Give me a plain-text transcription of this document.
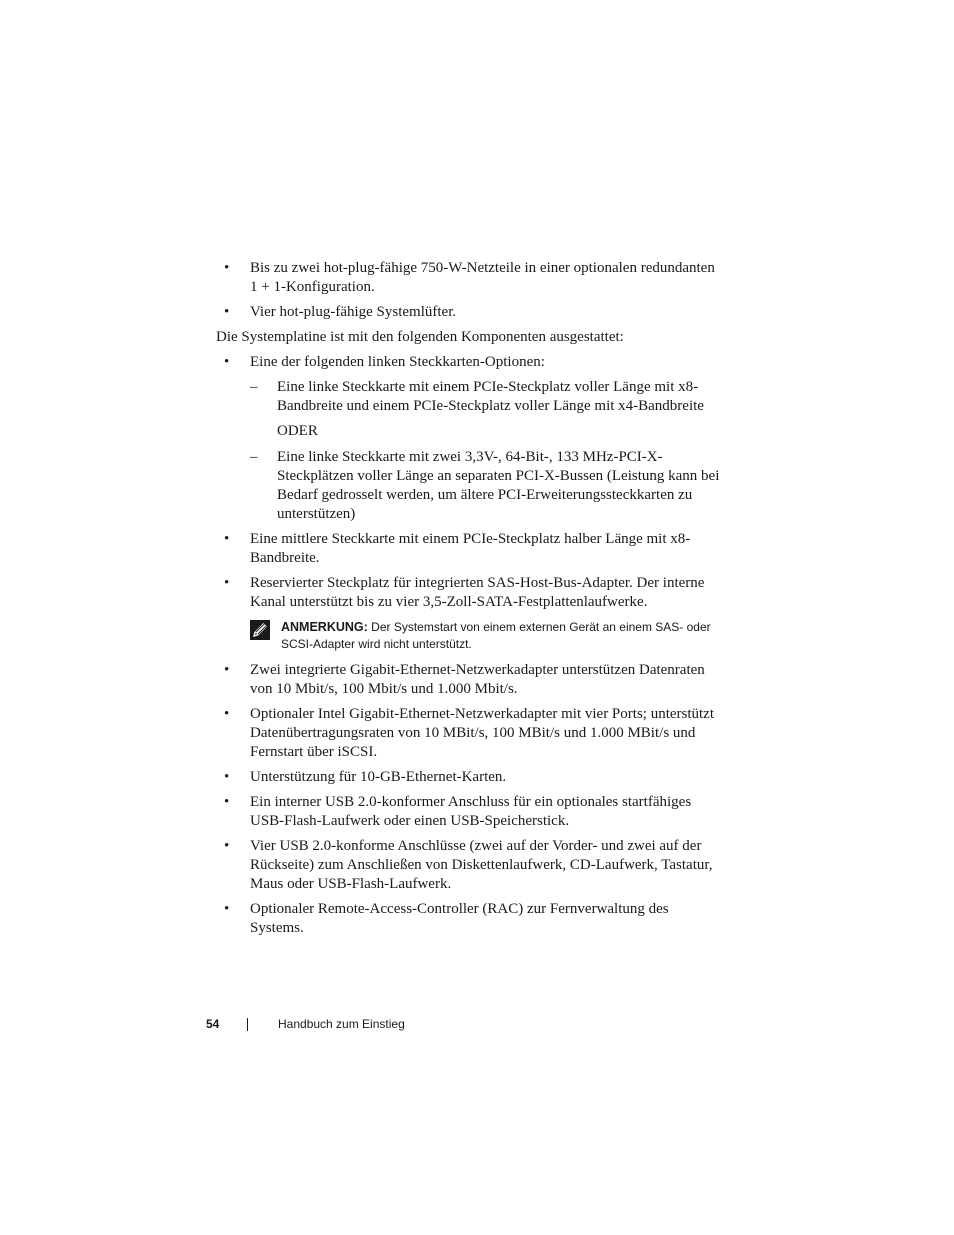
• Bis zu zwei hot-plug-fähige 750-W-Netzteile in einer optionalen redundanten 1 + 1-Konfiguration.
• Vier hot-plug-fähige Systemlüfter.
Die Systemplatine ist mit den folgenden Komponenten ausgestattet:
• Eine der folgenden linken Steckkarten-Optionen:
– Eine linke Steckkarte mit einem PCIe-Steckplatz voller Länge mit x8-Bandbreite und einem PCIe-Steckplatz voller Länge mit x4-Bandbreite
ODER
– Eine linke Steckkarte mit zwei 3,3V-, 64-Bit-, 133 MHz-PCI-X-Steckplätzen voller Länge an separaten PCI-X-Bussen (Leistung kann bei Bedarf gedrosselt werden, um ältere PCI-Erweiterungssteckkarten zu unterstützen)
• Eine mittlere Steckkarte mit einem PCIe-Steckplatz halber Länge mit x8-Bandbreite.
• Reservierter Steckplatz für integrierten SAS-Host-Bus-Adapter. Der interne Kanal unterstützt bis zu vier 3,5-Zoll-SATA-Festplattenlaufwerke.
ANMERKUNG: Der Systemstart von einem externen Gerät an einem SAS- oder SCSI-Adapter wird nicht unterstützt.
• Zwei integrierte Gigabit-Ethernet-Netzwerkadapter unterstützen Datenraten von 10 Mbit/s, 100 Mbit/s und 1.000 Mbit/s.
• Optionaler Intel Gigabit-Ethernet-Netzwerkadapter mit vier Ports; unterstützt Datenübertragungsraten von 10 MBit/s, 100 MBit/s und 1.000 MBit/s und Fernstart über iSCSI.
• Unterstützung für 10-GB-Ethernet-Karten.
• Ein interner USB 2.0-konformer Anschluss für ein optionales startfähiges USB-Flash-Laufwerk oder einen USB-Speicherstick.
• Vier USB 2.0-konforme Anschlüsse (zwei auf der Vorder- und zwei auf der Rückseite) zum Anschließen von Diskettenlaufwerk, CD-Laufwerk, Tastatur, Maus oder USB-Flash-Laufwerk.
• Optionaler Remote-Access-Controller (RAC) zur Fernverwaltung des Systems.
54	Handbuch zum Einstieg
